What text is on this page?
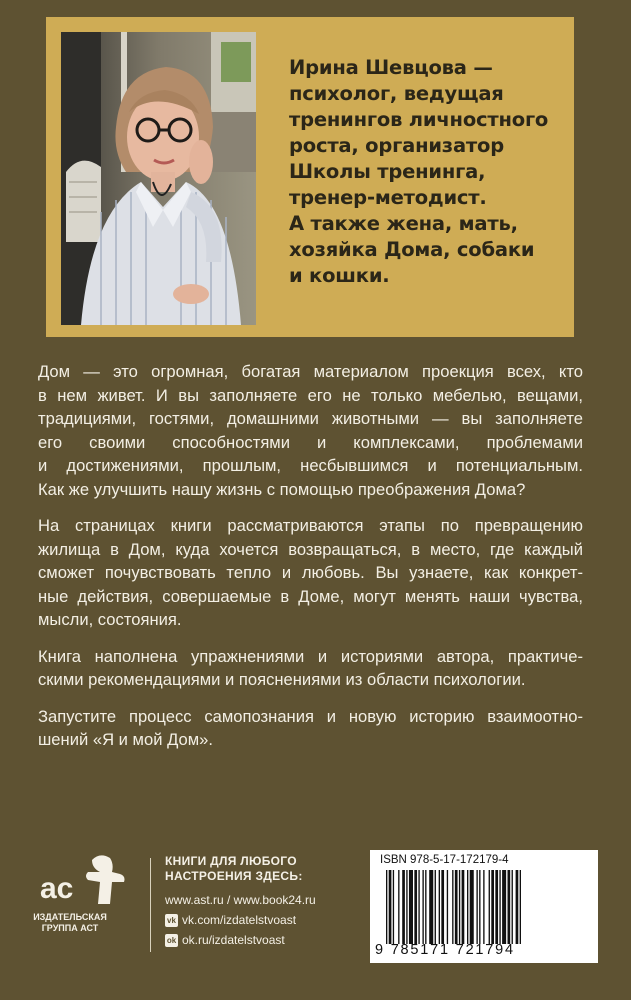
Ирина Шевцова —
психолог, ведущая
тренингов личностного
роста, организатор
Школы тренинга,
тренер-методист.
А также жена, мать,
хозяйка Дома, собаки
и кошки.

Дом — это огромная, богатая материалом проекция всех, кто
в нем живет. И вы заполняете его не только мебелью, вещами,
традициями, гостями, домашними животными — вы заполняете
его своими способностями и комплексами, проблемами
и достижениями, прошлым, несбывшимся и потенциальным.
Как же улучшить нашу жизнь с помощью преображения Дома?

На страницах книги рассматриваются этапы по превращению
жилища в Дом, куда хочется возвращаться, в место, где каждый
сможет почувствовать тепло и любовь. Вы узнаете, как конкрет-
ные действия, совершаемые в Доме, могут менять наши чувства,
мысли, состояния.

Книга наполнена упражнениями и историями автора, практиче-
скими рекомендациями и пояснениями из области психологии.

Запустите процесс самопознания и новую историю взаимоотно-
шений «Я и мой Дом».

ac
ИЗДАТЕЛЬСКАЯ
ГРУППА АСТ
КНИГИ ДЛЯ ЛЮБОГО
НАСТРОЕНИЯ ЗДЕСЬ:
www.ast.ru / www.book24.ru
vk vk.com/izdatelstvoast
ok ok.ru/izdatelstvoast
ISBN 978-5-17-172179-4
9 785171 721794
